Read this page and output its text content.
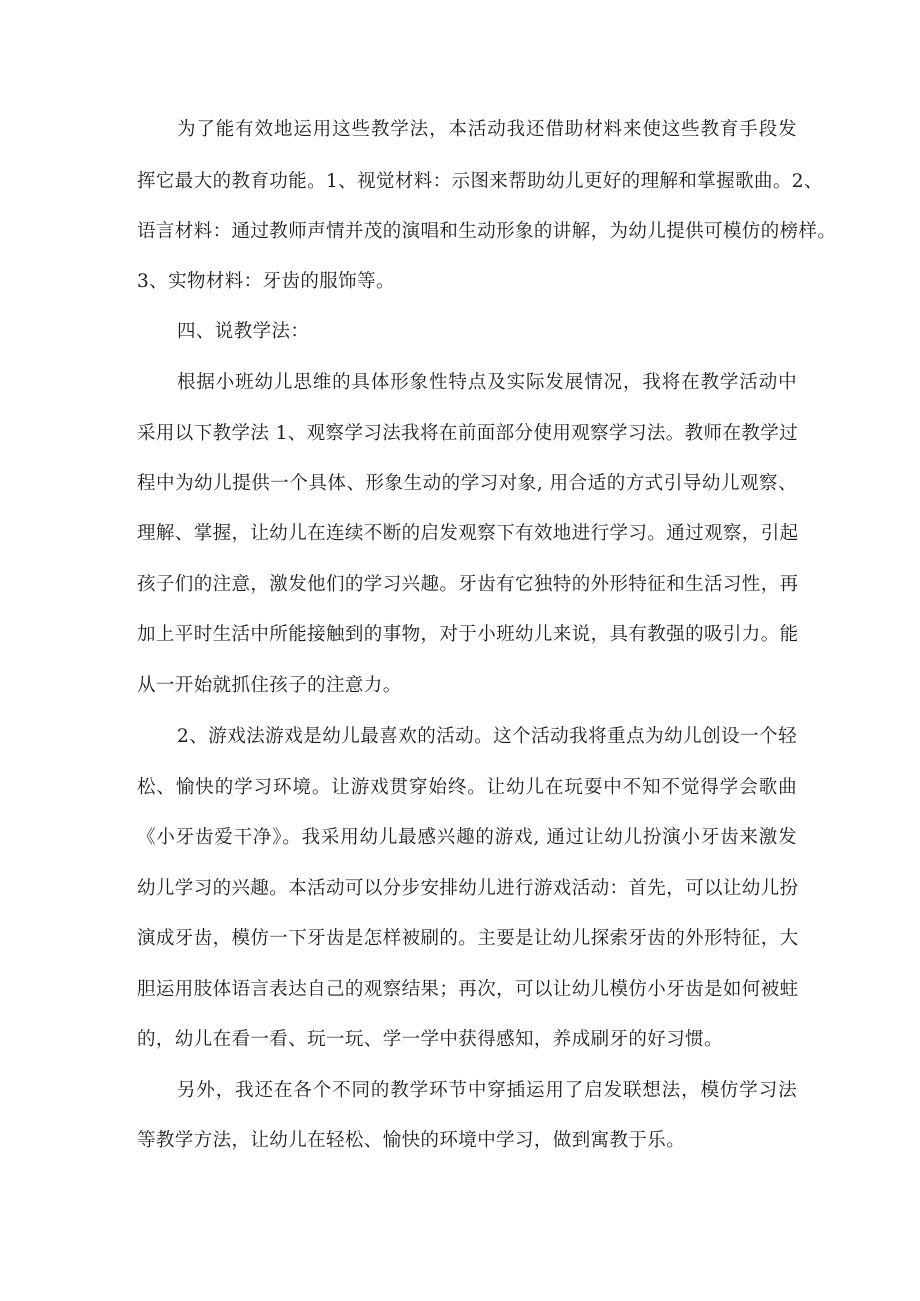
为了能有效地运用这些教学法，本活动我还借助材料来使这些教育手段发
挥它最大的教育功能。1、视觉材料：示图来帮助幼儿更好的理解和掌握歌曲。2、
语言材料：通过教师声情并茂的演唱和生动形象的讲解，为幼儿提供可模仿的榜样。
3、实物材料：牙齿的服饰等。
四、说教学法：
根据小班幼儿思维的具体形象性特点及实际发展情况，我将在教学活动中
采用以下教学法 1、观察学习法我将在前面部分使用观察学习法。教师在教学过
程中为幼儿提供一个具体、形象生动的学习对象, 用合适的方式引导幼儿观察、
理解、掌握，让幼儿在连续不断的启发观察下有效地进行学习。通过观察，引起
孩子们的注意，激发他们的学习兴趣。牙齿有它独特的外形特征和生活习性，再
加上平时生活中所能接触到的事物，对于小班幼儿来说，具有教强的吸引力。能
从一开始就抓住孩子的注意力。
2、游戏法游戏是幼儿最喜欢的活动。这个活动我将重点为幼儿创设一个轻
松、愉快的学习环境。让游戏贯穿始终。让幼儿在玩耍中不知不觉得学会歌曲
《小牙齿爱干净》。我采用幼儿最感兴趣的游戏, 通过让幼儿扮演小牙齿来激发
幼儿学习的兴趣。本活动可以分步安排幼儿进行游戏活动：首先，可以让幼儿扮
演成牙齿，模仿一下牙齿是怎样被刷的。主要是让幼儿探索牙齿的外形特征，大
胆运用肢体语言表达自己的观察结果；再次，可以让幼儿模仿小牙齿是如何被蛀
的，幼儿在看一看、玩一玩、学一学中获得感知，养成刷牙的好习惯。
另外，我还在各个不同的教学环节中穿插运用了启发联想法，模仿学习法
等教学方法，让幼儿在轻松、愉快的环境中学习，做到寓教于乐。
